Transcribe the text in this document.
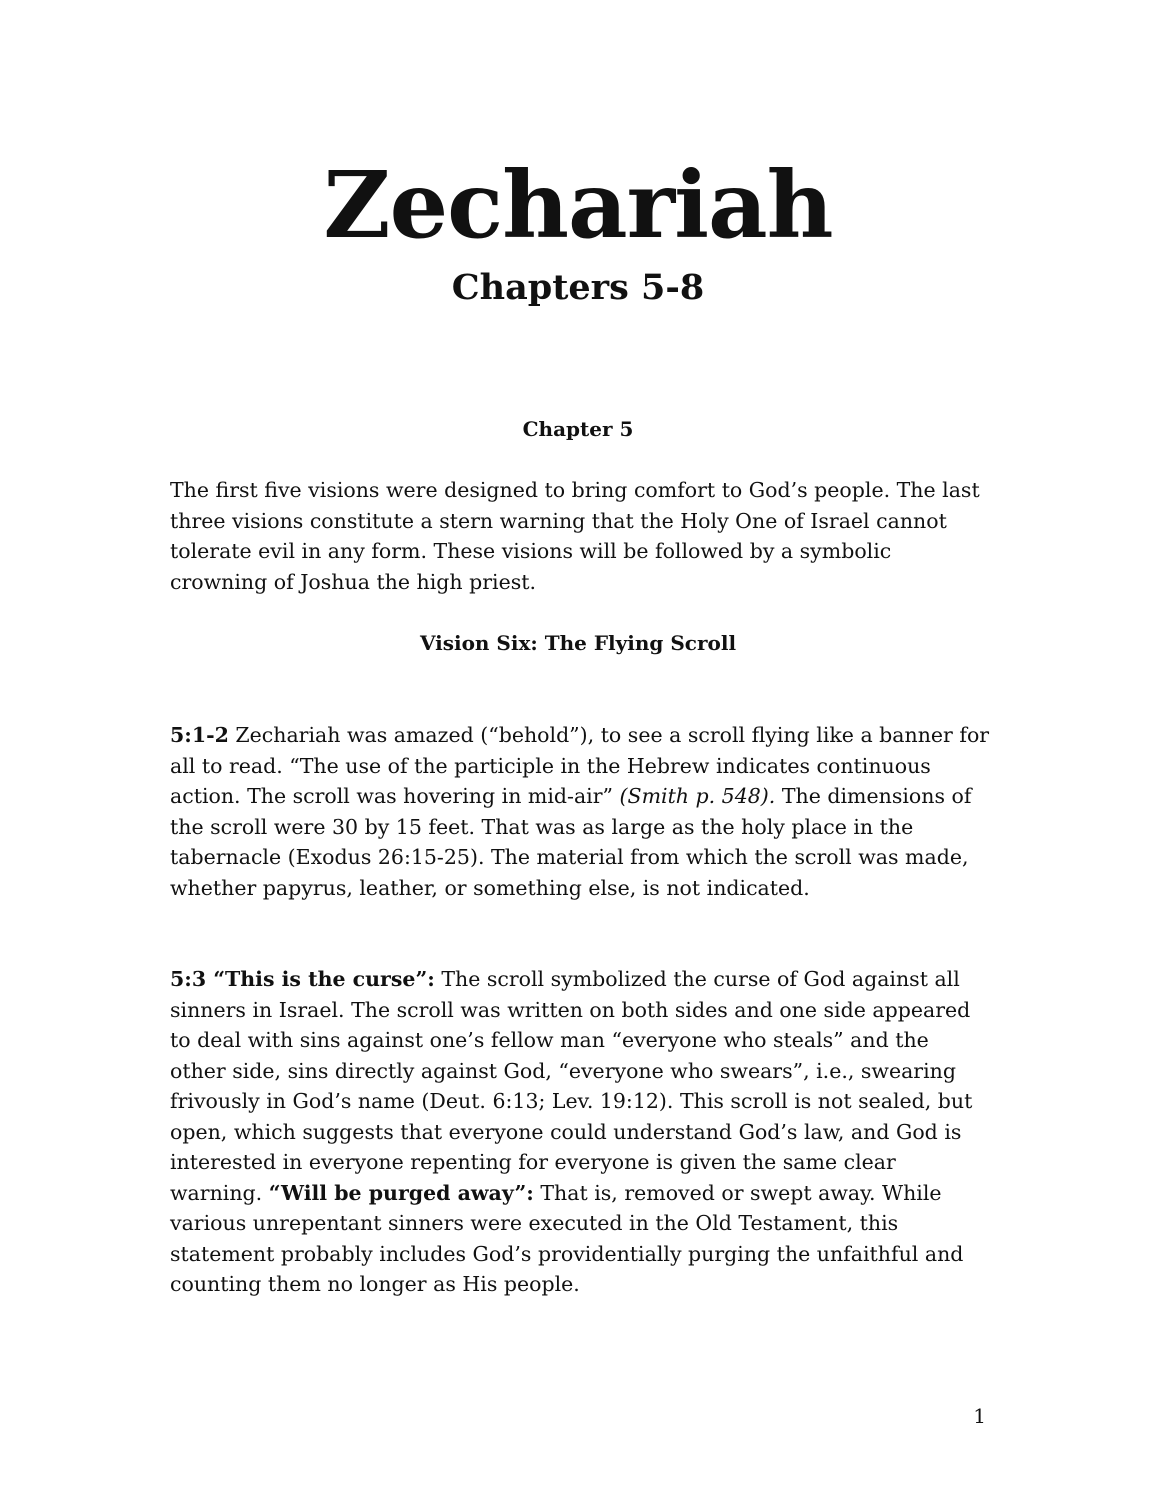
Zechariah
Chapters 5-8
Chapter 5

The first five visions were designed to bring comfort to God’s people. The last three visions constitute a stern warning that the Holy One of Israel cannot tolerate evil in any form. These visions will be followed by a symbolic crowning of Joshua the high priest.

Vision Six: The Flying Scroll

5:1-2 Zechariah was amazed (“behold”), to see a scroll flying like a banner for all to read. “The use of the participle in the Hebrew indicates continuous action. The scroll was hovering in mid-air” (Smith p. 548). The dimensions of the scroll were 30 by 15 feet. That was as large as the holy place in the tabernacle (Exodus 26:15-25). The material from which the scroll was made, whether papyrus, leather, or something else, is not indicated.

5:3 “This is the curse”: The scroll symbolized the curse of God against all sinners in Israel. The scroll was written on both sides and one side appeared to deal with sins against one’s fellow man “everyone who steals” and the other side, sins directly against God, “everyone who swears”, i.e., swearing frivously in God’s name (Deut. 6:13; Lev. 19:12). This scroll is not sealed, but open, which suggests that everyone could understand God’s law, and God is interested in everyone repenting for everyone is given the same clear warning. “Will be purged away”: That is, removed or swept away. While various unrepentant sinners were executed in the Old Testament, this statement probably includes God’s providentially purging the unfaithful and counting them no longer as His people.

1
